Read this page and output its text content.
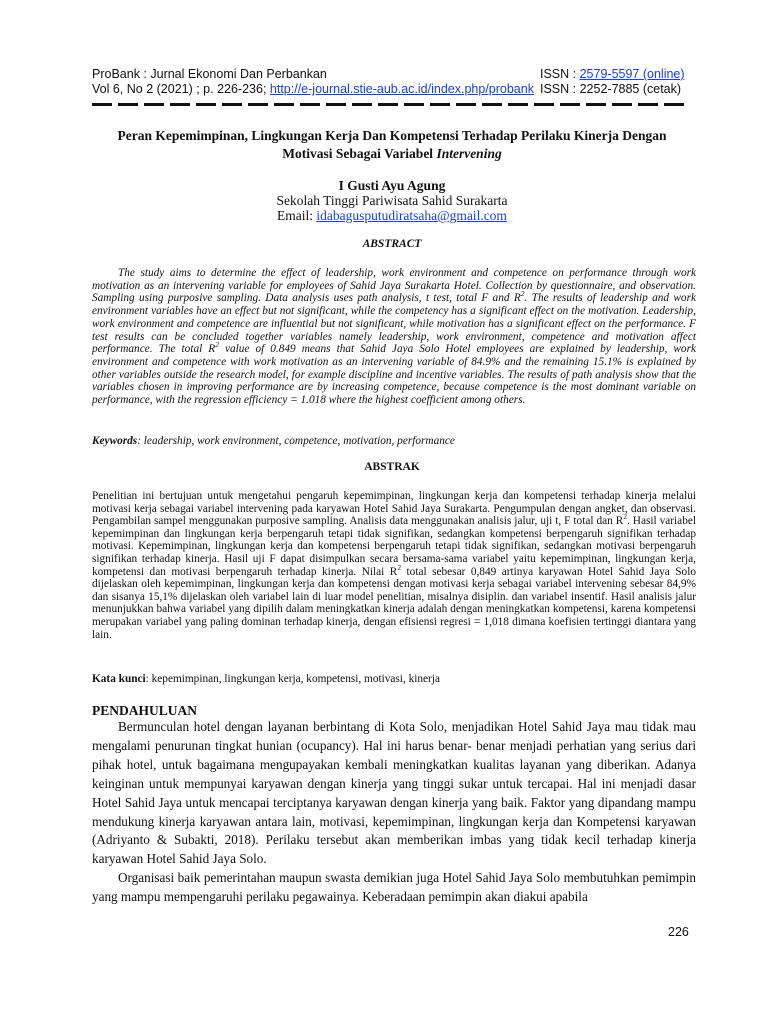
ProBank : Jurnal Ekonomi Dan Perbankan	ISSN : 2579-5597 (online)
Vol 6, No 2 (2021) ; p. 226-236; http://e-journal.stie-aub.ac.id/index.php/probank ISSN : 2252-7885 (cetak)
Peran Kepemimpinan, Lingkungan Kerja Dan Kompetensi Terhadap Perilaku Kinerja Dengan
Motivasi Sebagai Variabel Intervening
I Gusti Ayu Agung
Sekolah Tinggi Pariwisata Sahid Surakarta
Email: idabagusputudiratsaha@gmail.com
ABSTRACT
The study aims to determine the effect of leadership, work environment and competence on performance through work motivation as an intervening variable for employees of Sahid Jaya Surakarta Hotel. Collection by questionnaire, and observation. Sampling using purposive sampling. Data analysis uses path analysis, t test, total F and $R^2$. The results of leadership and work environment variables have an effect but not significant, while the competency has a significant effect on the motivation. Leadership, work environment and competence are influential but not significant, while motivation has a significant effect on the performance. F test results can be concluded together variables namely leadership, work environment, competence and motivation affect performance. The total $R^2$ value of 0.849 means that Sahid Jaya Solo Hotel employees are explained by leadership, work environment and competence with work motivation as an intervening variable of 84.9% and the remaining 15.1% is explained by other variables outside the research model, for example discipline and incentive variables. The results of path analysis show that the variables chosen in improving performance are by increasing competence, because competence is the most dominant variable on performance, with the regression efficiency = 1.018 where the highest coefficient among others.
Keywords: leadership, work environment, competence, motivation, performance
ABSTRAK
Penelitian ini bertujuan untuk mengetahui pengaruh kepemimpinan, lingkungan kerja dan kompetensi terhadap kinerja melalui motivasi kerja sebagai variabel intervening pada karyawan Hotel Sahid Jaya Surakarta. Pengumpulan dengan angket, dan observasi. Pengambilan sampel menggunakan purposive sampling. Analisis data menggunakan analisis jalur, uji t, F total dan $R^2$. Hasil variabel kepemimpinan dan lingkungan kerja berpengaruh tetapi tidak signifikan, sedangkan kompetensi berpengaruh signifikan terhadap motivasi. Kepemimpinan, lingkungan kerja dan kompetensi berpengaruh tetapi tidak signifikan, sedangkan motivasi berpengaruh signifikan terhadap kinerja. Hasil uji F dapat disimpulkan secara bersama-sama variabel yaitu kepemimpinan, lingkungan kerja, kompetensi dan motivasi berpengaruh terhadap kinerja. Nilai $R^2$ total sebesar 0,849 artinya karyawan Hotel Sahid Jaya Solo dijelaskan oleh kepemimpinan, lingkungan kerja dan kompetensi dengan motivasi kerja sebagai variabel intervening sebesar 84,9% dan sisanya 15,1% dijelaskan oleh variabel lain di luar model penelitian, misalnya disiplin. dan variabel insentif. Hasil analisis jalur menunjukkan bahwa variabel yang dipilih dalam meningkatkan kinerja adalah dengan meningkatkan kompetensi, karena kompetensi merupakan variabel yang paling dominan terhadap kinerja, dengan efisiensi regresi = 1,018 dimana koefisien tertinggi diantara yang lain.
Kata kunci: kepemimpinan, lingkungan kerja, kompetensi, motivasi, kinerja
PENDAHULUAN

Bermunculan hotel dengan layanan berbintang di Kota Solo, menjadikan Hotel Sahid Jaya mau tidak mau mengalami penurunan tingkat hunian (ocupancy). Hal ini harus benar- benar menjadi perhatian yang serius dari pihak hotel, untuk bagaimana mengupayakan kembali meningkatkan kualitas layanan yang diberikan. Adanya keinginan untuk mempunyai karyawan dengan kinerja yang tinggi sukar untuk tercapai. Hal ini menjadi dasar Hotel Sahid Jaya untuk mencapai terciptanya karyawan dengan kinerja yang baik. Faktor yang dipandang mampu mendukung kinerja karyawan antara lain, motivasi, kepemimpinan, lingkungan kerja dan Kompetensi karyawan (Adriyanto & Subakti, 2018). Perilaku tersebut akan memberikan imbas yang tidak kecil terhadap kinerja karyawan Hotel Sahid Jaya Solo.

Organisasi baik pemerintahan maupun swasta demikian juga Hotel Sahid Jaya Solo membutuhkan pemimpin yang mampu mempengaruhi perilaku pegawainya. Keberadaan pemimpin akan diakui apabila

226
